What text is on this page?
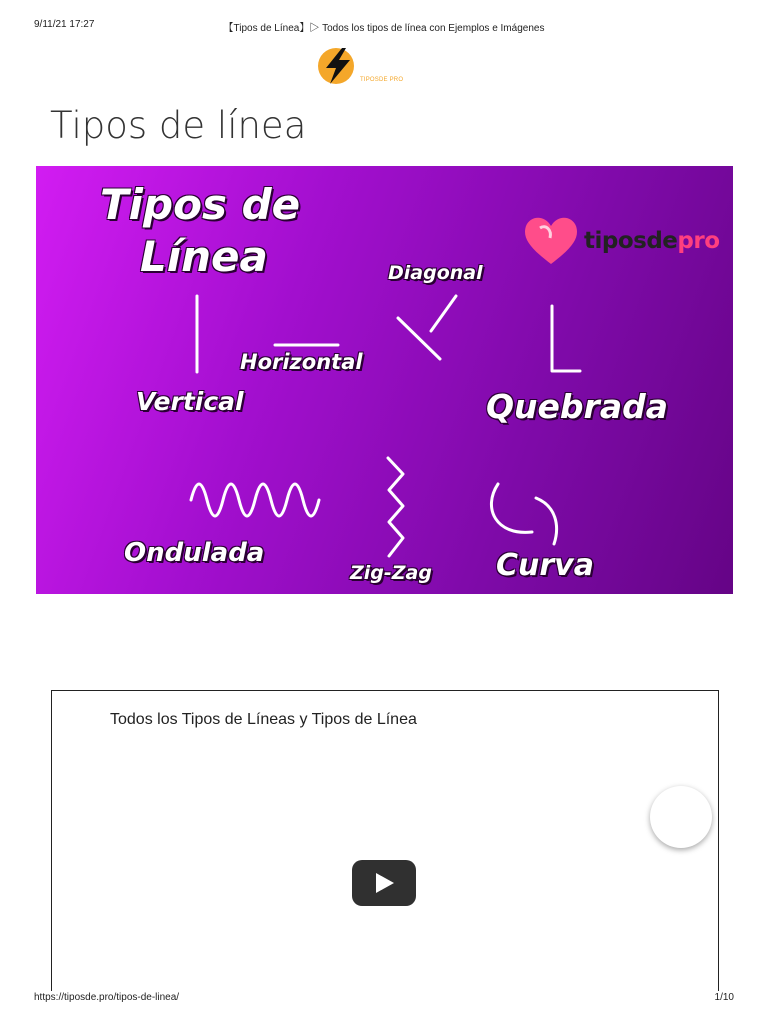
9/11/21 17:27	【Tipos de Línea】▷ Todos los tipos de línea con Ejemplos e Imágenes
TIPOSDE PRO
Tipos de línea
Tipos de
Línea	tiposdepro
Diagonal
Horizontal
Vertical	Quebrada
Ondulada
Zig-Zag Curva
Todos los Tipos de Líneas y Tipos de Línea
https://tiposde.pro/tipos-de-linea/	1/10
